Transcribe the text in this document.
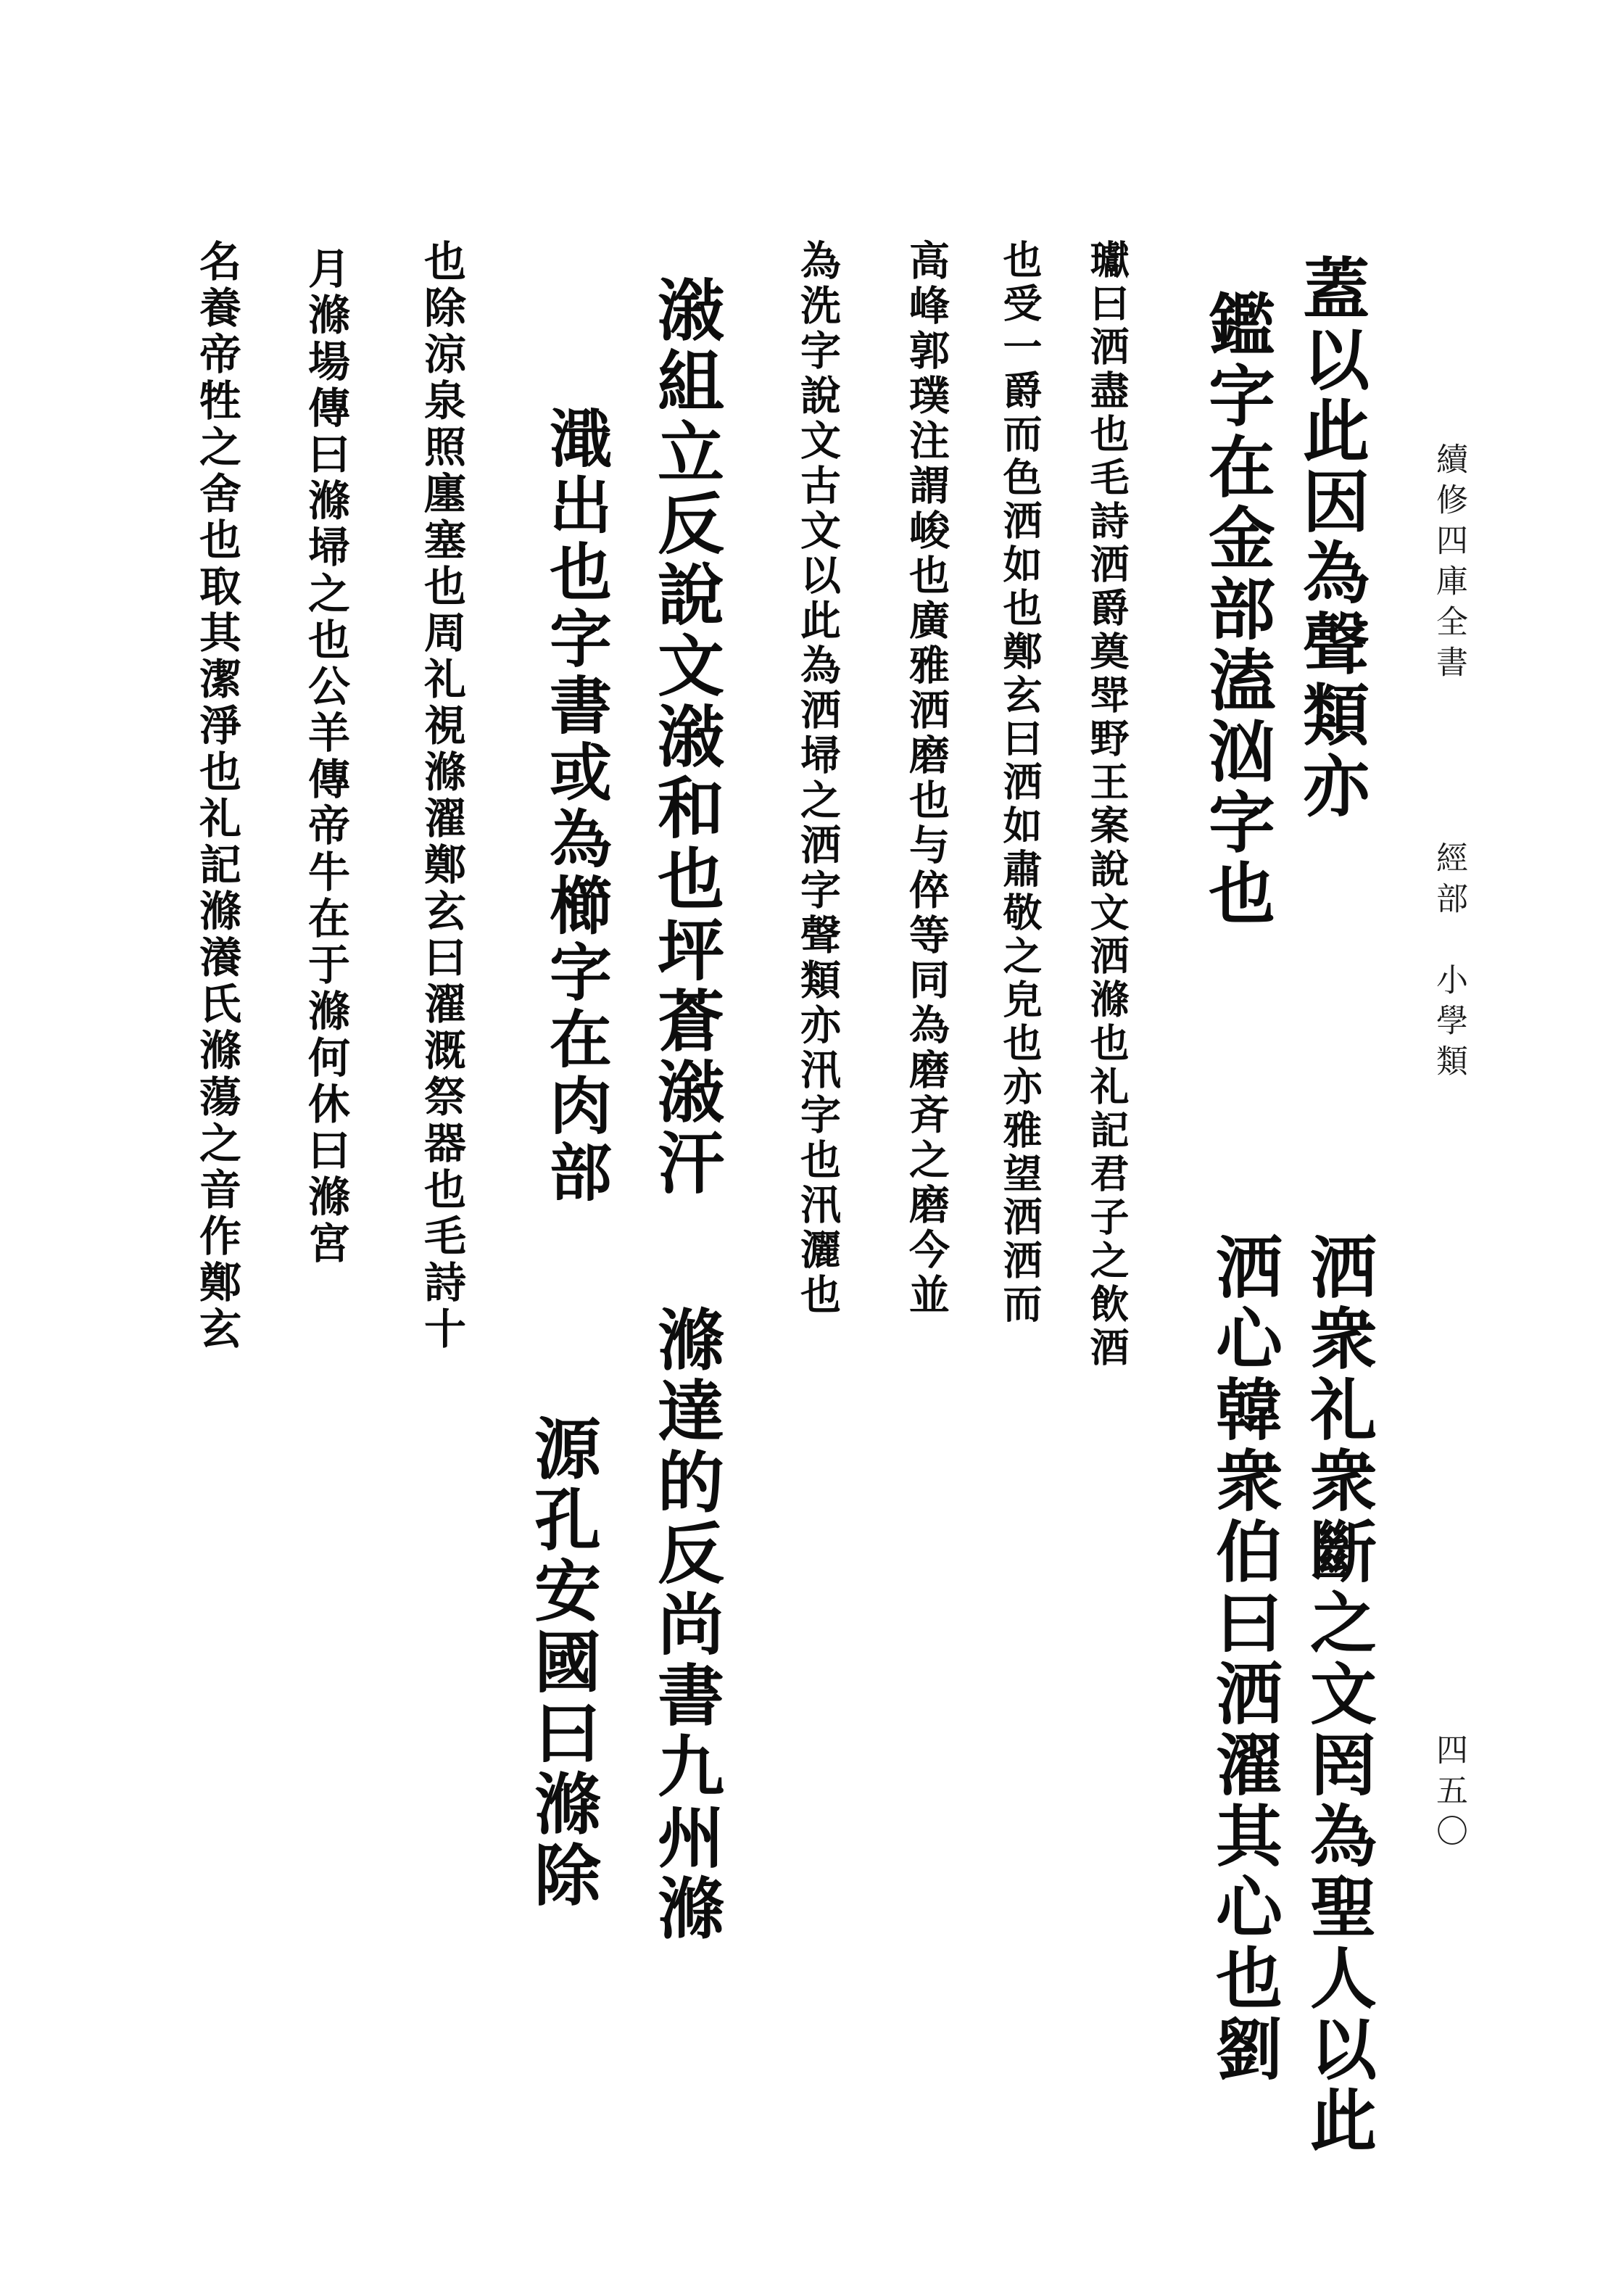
續修四庫全書
經部　小學類
四五〇
蓋以此因為聲類亦
鑑字在金部溘汹字也
洒衆礼衆斷之文罔為聖人以此
洒心韓衆伯曰洒濯其心也劉
瓛曰洒盡也毛詩洒爵奠斝野王案說文洒滌也礼記君子之飲酒
也受一爵而色洒如也鄭玄曰洒如肅敬之皃也亦雅望洒洒而
高峰郭璞注謂峻也廣雅洒磨也与倅等同為磨斉之磨今並
為洗字說文古文以此為洒埽之洒字聲類亦汛字也汛灑也
潊組立反說文潊和也坪蒼潊汗
濈出也字書或為櫛字在肉部
滌達的反尚書九州滌
源孔安國曰滌除
也除涼泉照廛塞也周礼視滌濯鄭玄曰濯溉祭器也毛詩十
月滌場傳曰滌埽之也公羊傳帝牛在于滌何休曰滌宮
名養帝牲之舍也取其潔淨也礼記滌瀁氏滌蕩之音作鄭玄
